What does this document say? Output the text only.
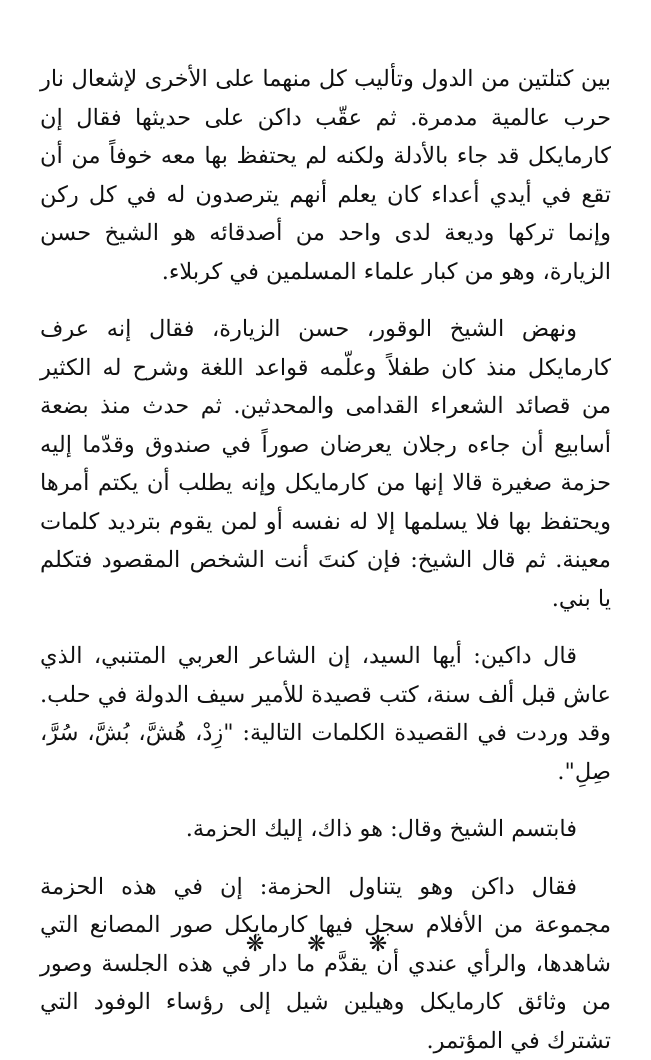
بين كتلتين من الدول وتأليب كل منهما على الأخرى لإشعال نار حرب عالمية مدمرة. ثم عقّب داكن على حديثها فقال إن كارمايكل قد جاء بالأدلة ولكنه لم يحتفظ بها معه خوفاً من أن تقع في أيدي أعداء كان يعلم أنهم يترصدون له في كل ركن وإنما تركها وديعة لدى واحد من أصدقائه هو الشيخ حسن الزيارة، وهو من كبار علماء المسلمين في كربلاء.

ونهض الشيخ الوقور، حسن الزيارة، فقال إنه عرف كارمايكل منذ كان طفلاً وعلّمه قواعد اللغة وشرح له الكثير من قصائد الشعراء القدامى والمحدثين. ثم حدث منذ بضعة أسابيع أن جاءه رجلان يعرضان صوراً في صندوق وقدّما إليه حزمة صغيرة قالا إنها من كارمايكل وإنه يطلب أن يكتم أمرها ويحتفظ بها فلا يسلمها إلا له نفسه أو لمن يقوم بترديد كلمات معينة. ثم قال الشيخ: فإن كنتَ أنت الشخص المقصود فتكلم يا بني.

قال داكين: أيها السيد، إن الشاعر العربي المتنبي، الذي عاش قبل ألف سنة، كتب قصيدة للأمير سيف الدولة في حلب. وقد وردت في القصيدة الكلمات التالية: "زِدْ، هُشَّ، بُشَّ، سُرَّ، صِلِ".

فابتسم الشيخ وقال: هو ذاك، إليك الحزمة.

فقال داكن وهو يتناول الحزمة: إن في هذه الحزمة مجموعة من الأفلام سجل فيها كارمايكل صور المصانع التي شاهدها، والرأي عندي أن يقدَّم ما دار في هذه الجلسة وصور من وثائق كارمايكل وهيلين شيل إلى رؤساء الوفود التي تشترك في المؤتمر.

❋ ❋ ❋
